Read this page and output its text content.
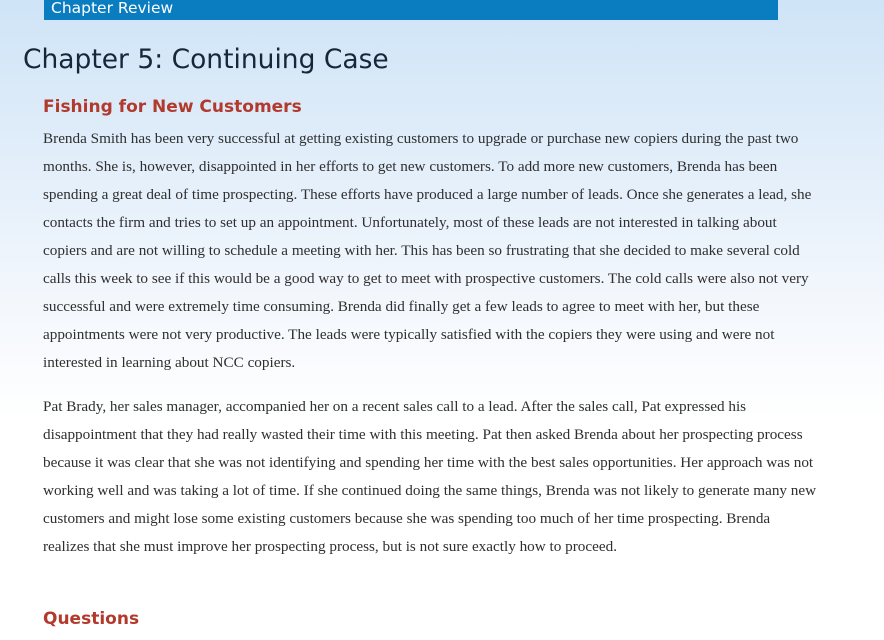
Chapter Review
Chapter 5: Continuing Case
Fishing for New Customers

Brenda Smith has been very successful at getting existing customers to upgrade or purchase new copiers during the past two months. She is, however, disappointed in her efforts to get new customers. To add more new customers, Brenda has been spending a great deal of time prospecting. These efforts have produced a large number of leads. Once she generates a lead, she contacts the firm and tries to set up an appointment. Unfortunately, most of these leads are not interested in talking about copiers and are not willing to schedule a meeting with her. This has been so frustrating that she decided to make several cold calls this week to see if this would be a good way to get to meet with prospective customers. The cold calls were also not very successful and were extremely time consuming. Brenda did finally get a few leads to agree to meet with her, but these appointments were not very productive. The leads were typically satisfied with the copiers they were using and were not interested in learning about NCC copiers.

Pat Brady, her sales manager, accompanied her on a recent sales call to a lead. After the sales call, Pat expressed his disappointment that they had really wasted their time with this meeting. Pat then asked Brenda about her prospecting process because it was clear that she was not identifying and spending her time with the best sales opportunities. Her approach was not working well and was taking a lot of time. If she continued doing the same things, Brenda was not likely to generate many new customers and might lose some existing customers because she was spending too much of her time prospecting. Brenda realizes that she must improve her prospecting process, but is not sure exactly how to proceed.

Questions
